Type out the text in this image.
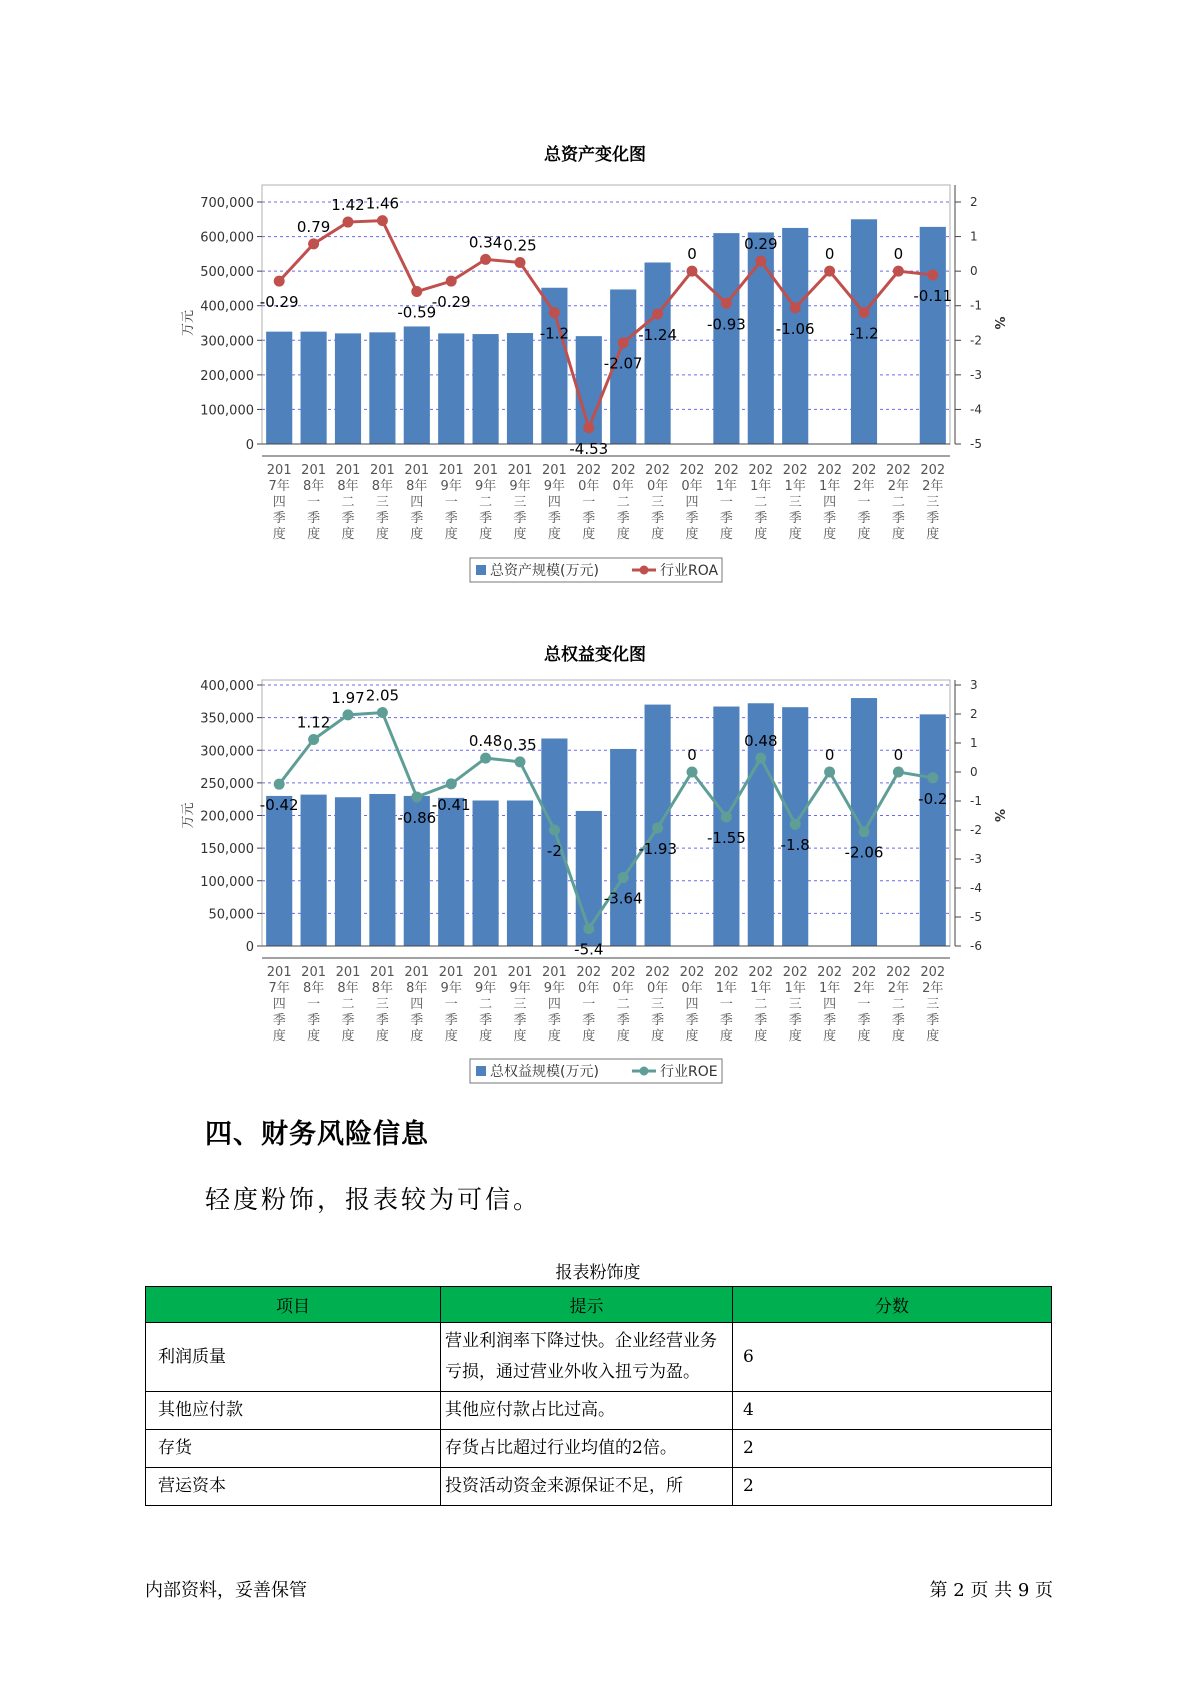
总资产变化图
700,000
600,000
500,000
400,000
300,000
200,000
100,000
0
2
1
0
-1
-2
-3
-4
-5
万元	%
201
7年
四
季
度
201
8年
一
季
度
201
8年
二
季
度
201
8年
三
季
度
201
8年
四
季
度
201
9年
一
季
度
201
9年
二
季
度
201
9年
三
季
度
201
9年
四
季
度
202
0年
一
季
度
202
0年
二
季
度
202
0年
三
季
度
202
0年
四
季
度
202
1年
一
季
度
202
1年
二
季
度
202
1年
三
季
度
202
1年
四
季
度
202
2年
一
季
度
202
2年
二
季
度
202
2年
三
季
度
-0.29
0.79
1.42 1.46
-0.59
-0.29
0.34 0.25
-1.2
-4.53
-2.07
-1.24
0
-0.93
0.29
-1.06
0
-1.2
0
-0.11
总资产规模(万元)	行业ROA
总权益变化图
400,000
350,000
300,000
250,000
200,000
150,000
100,000
50,000
0
3
2
1
0
-1
-2
-3
-4
-5
-6
万元	%
201
7年
四
季
度
201
8年
一
季
度
201
8年
二
季
度
201
8年
三
季
度
201
8年
四
季
度
201
9年
一
季
度
201
9年
二
季
度
201
9年
三
季
度
201
9年
四
季
度
202
0年
一
季
度
202
0年
二
季
度
202
0年
三
季
度
202
0年
四
季
度
202
1年
一
季
度
202
1年
二
季
度
202
1年
三
季
度
202
1年
四
季
度
202
2年
一
季
度
202
2年
二
季
度
202
2年
三
季
度
-0.42
1.12
1.97 2.05
-0.86
-0.41
0.48 0.35
-2
-5.4
-3.64
-1.93
0
-1.55
0.48
-1.8
0
-2.06
0
-0.2
总权益规模(万元)	行业ROE
四、财务风险信息
轻度粉饰，报表较为可信。
报表粉饰度
项目	提示	分数
利润质量	营业利润率下降过快。企业经营业务亏损，通过营业外收入扭亏为盈。	6
其他应付款	其他应付款占比过高。	4
存货	存货占比超过行业均值的2倍。	2
营运资本	投资活动资金来源保证不足，所	2
内部资料，妥善保管	第 2 页 共 9 页
